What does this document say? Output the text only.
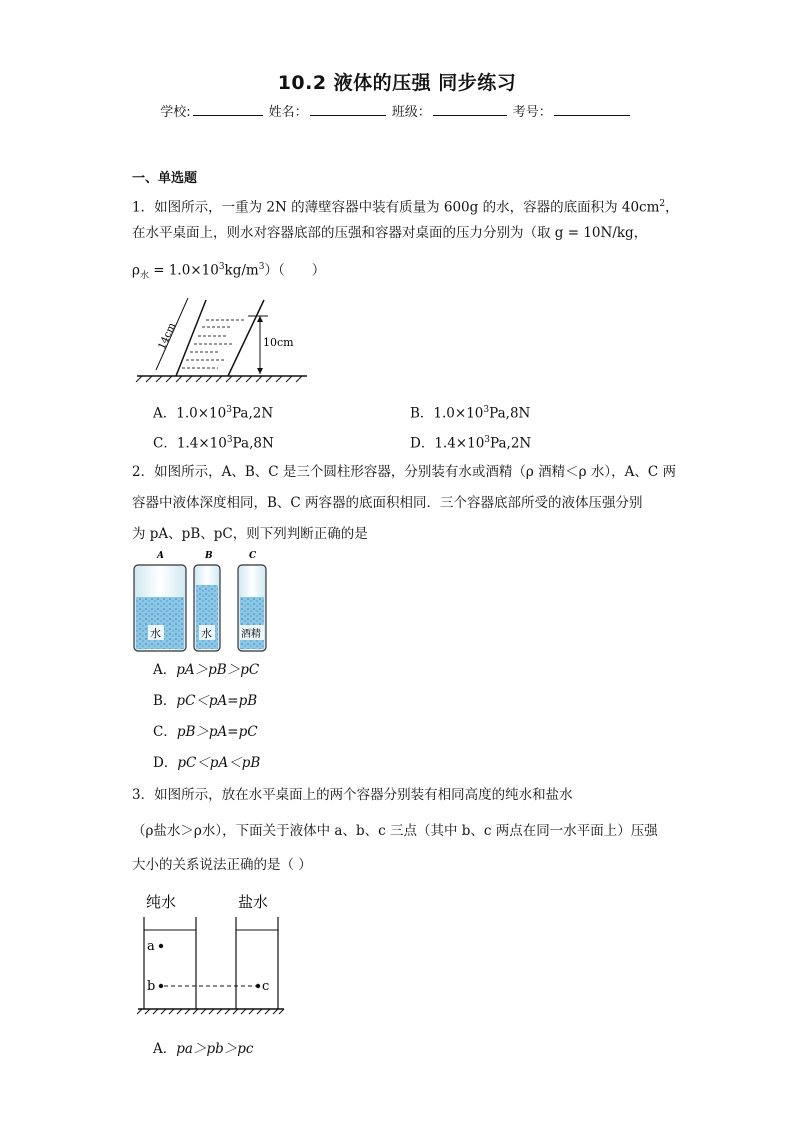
10.2 液体的压强 同步练习
学校:	姓名：	班级：	考号：
一、单选题
1．如图所示，一重为 2N 的薄壁容器中装有质量为 600g 的水，容器的底面积为 $40cm^2$，
在水平桌面上，则水对容器底部的压强和容器对桌面的压力分别为（取 g = 10N/kg，
$\rho_水 = 1.0\times 10^3kg/m^3$）（　　）
14cm	10cm
A．$1.0\times 10^3Pa,2N$	B．$1.0\times 10^3Pa,8N$
C．$1.4\times 10^3Pa,8N$	D．$1.4\times 10^3Pa,2N$
2．如图所示，A、B、C 是三个圆柱形容器，分别装有水或酒精（ρ 酒精＜ρ 水），A、C 两
容器中液体深度相同，B、C 两容器的底面积相同．三个容器底部所受的液体压强分别
为 pA、pB、pC，则下列判断正确的是
A	B	C
水	水	酒精
A．pA＞pB＞pC
B．pC＜pA=pB
C．pB＞pA=pC
D．pC＜pA＜pB
3．如图所示，放在水平桌面上的两个容器分别装有相同高度的纯水和盐水
（ρ盐水＞ρ水），下面关于液体中 a、b、c 三点（其中 b、c 两点在同一水平面上）压强
大小的关系说法正确的是（ ）
纯水	盐水
a
b	c
A．pa＞pb＞pc
